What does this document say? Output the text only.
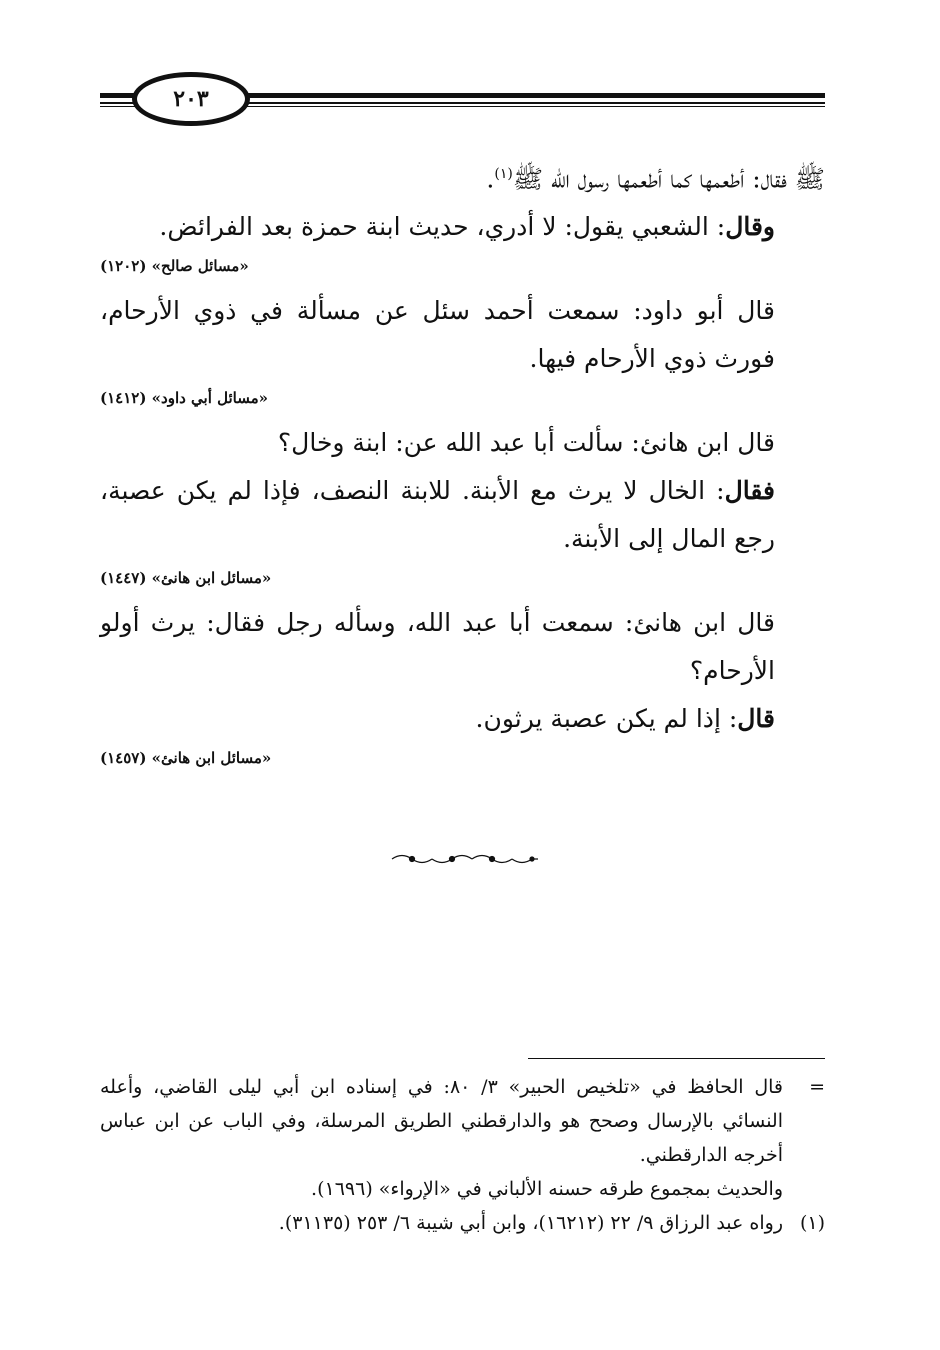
٢٠٣

ﷺ فقال: أطعمها كما أطعمها رسول الله ﷺ$^{(١)}$.

وقال: الشعبي يقول: لا أدري، حديث ابنة حمزة بعد الفرائض.

«مسائل صالح» (١٢٠٢)

قال أبو داود: سمعت أحمد سئل عن مسألة في ذوي الأرحام، فورث ذوي الأرحام فيها.

«مسائل أبي داود» (١٤١٢)

قال ابن هانئ: سألت أبا عبد الله عن: ابنة وخال؟

فقال: الخال لا يرث مع الأبنة. للابنة النصف، فإذا لم يكن عصبة، رجع المال إلى الأبنة.

«مسائل ابن هانئ» (١٤٤٧)

قال ابن هانئ: سمعت أبا عبد الله، وسأله رجل فقال: يرث أولو الأرحام؟

قال: إذا لم يكن عصبة يرثون.

«مسائل ابن هانئ» (١٤٥٧)

=
قال الحافظ في «تلخيص الحبير» ٣/ ٨٠: في إسناده ابن أبي ليلى القاضي، وأعله النسائي بالإرسال وصحح هو والدارقطني الطريق المرسلة، وفي الباب عن ابن عباس أخرجه الدارقطني.

والحديث بمجموع طرقه حسنه الألباني في «الإرواء» (١٦٩٦).

(١)
رواه عبد الرزاق ٩/ ٢٢ (١٦٢١٢)، وابن أبي شيبة ٦/ ٢٥٣ (٣١١٣٥).
